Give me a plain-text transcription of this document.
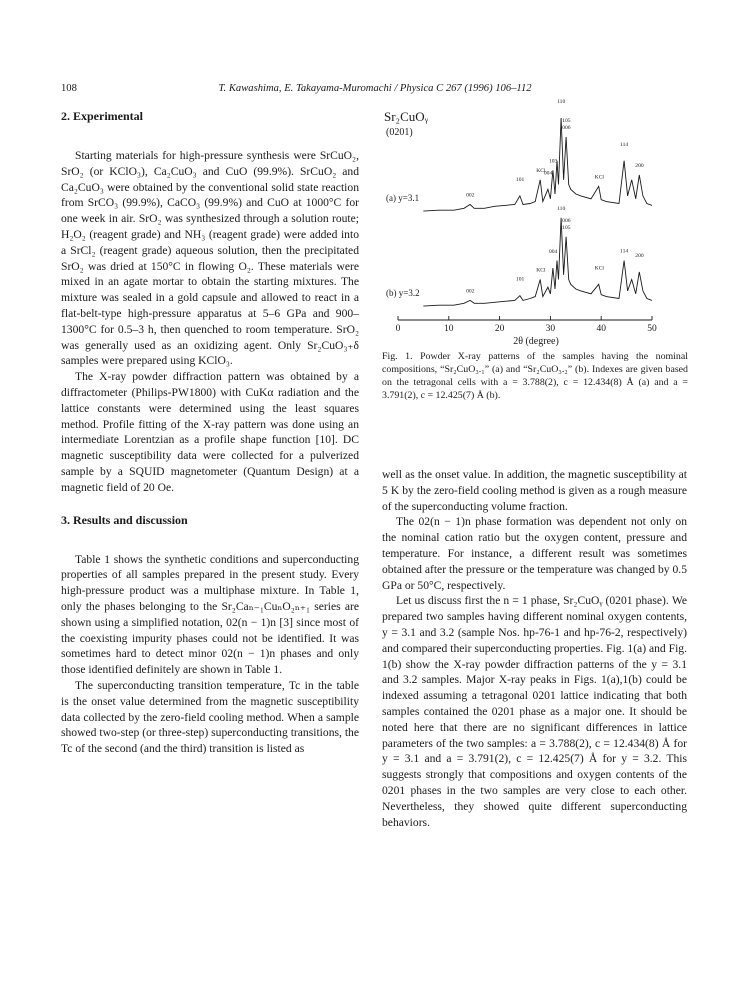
108	T. Kawashima, E. Takayama-Muromachi / Physica C 267 (1996) 106–112
2. Experimental

Starting materials for high-pressure synthesis were SrCuO₂, SrO₂ (or KClO₃), Ca₂CuO₃ and CuO (99.9%). SrCuO₂ and Ca₂CuO₃ were obtained by the conventional solid state reaction from SrCO₃ (99.9%), CaCO₃ (99.9%) and CuO at 1000°C for one week in air. SrO₂ was synthesized through a solution route; H₂O₂ (reagent grade) and NH₃ (reagent grade) were added into a SrCl₂ (reagent grade) aqueous solution, then the precipitated SrO₂ was dried at 150°C in flowing O₂. These materials were mixed in an agate mortar to obtain the starting mixtures. The mixture was sealed in a gold capsule and allowed to react in a flat-belt-type high-pressure apparatus at 5–6 GPa and 900–1300°C for 0.5–3 h, then quenched to room temperature. SrO₂ was generally used as an oxidizing agent. Only Sr₂CuO₃₊δ samples were prepared using KClO₃.

The X-ray powder diffraction pattern was obtained by a diffractometer (Philips-PW1800) with CuKα radiation and the lattice constants were determined using the least squares method. Profile fitting of the X-ray pattern was done using an intermediate Lorentzian as a profile shape function [10]. DC magnetic susceptibility data were collected for a pulverized sample by a SQUID magnetometer (Quantum Design) at a magnetic field of 20 Oe.

3. Results and discussion

Table 1 shows the synthetic conditions and superconducting properties of all samples prepared in the present study. Every high-pressure product was a multiphase mixture. In Table 1, only the phases belonging to the Sr₂Caₙ₋₁CuₙO₂ₙ₊₁ series are shown using a simplified notation, 02(n − 1)n [3] since most of the coexisting impurity phases could not be identified. It was sometimes hard to detect minor 02(n − 1)n phases and only those identified definitely are shown in Table 1.

The superconducting transition temperature, Tc in the table is the onset value determined from the magnetic susceptibility data collected by the zero-field cooling method. When a sample showed two-step (or three-step) superconducting transitions, the Tc of the second (and the third) transition is listed as

Sr₂CuOᵧ
(0201)
(a) y=3.1
(b) y=3.2
002
101
KCl
004
103
110
006
105
KCl
114
200
002
101
KCl
004
110
006
105
KCl
114
200
0	10	20	30	40	50
2θ (degree)
Fig. 1. Powder X-ray patterns of the samples having the nominal compositions, “Sr₂CuO₃.₁” (a) and “Sr₂CuO₃.₂” (b). Indexes are given based on the tetragonal cells with a = 3.788(2), c = 12.434(8) Å (a) and a = 3.791(2), c = 12.425(7) Å (b).

well as the onset value. In addition, the magnetic susceptibility at 5 K by the zero-field cooling method is given as a rough measure of the superconducting volume fraction.

The 02(n − 1)n phase formation was dependent not only on the nominal cation ratio but the oxygen content, pressure and temperature. For instance, a different result was sometimes obtained after the pressure or the temperature was changed by 0.5 GPa or 50°C, respectively.

Let us discuss first the n = 1 phase, Sr₂CuOᵧ (0201 phase). We prepared two samples having different nominal oxygen contents, y = 3.1 and 3.2 (sample Nos. hp-76-1 and hp-76-2, respectively) and compared their superconducting properties. Fig. 1(a) and Fig. 1(b) show the X-ray powder diffraction patterns of the y = 3.1 and 3.2 samples. Major X-ray peaks in Figs. 1(a),1(b) could be indexed assuming a tetragonal 0201 lattice indicating that both samples contained the 0201 phase as a major one. It should be noted here that there are no significant differences in lattice parameters of the two samples: a = 3.788(2), c = 12.434(8) Å for y = 3.1 and a = 3.791(2), c = 12.425(7) Å for y = 3.2. This suggests strongly that compositions and oxygen contents of the 0201 phases in the two samples are very close to each other. Nevertheless, they showed quite different superconducting behaviors.
